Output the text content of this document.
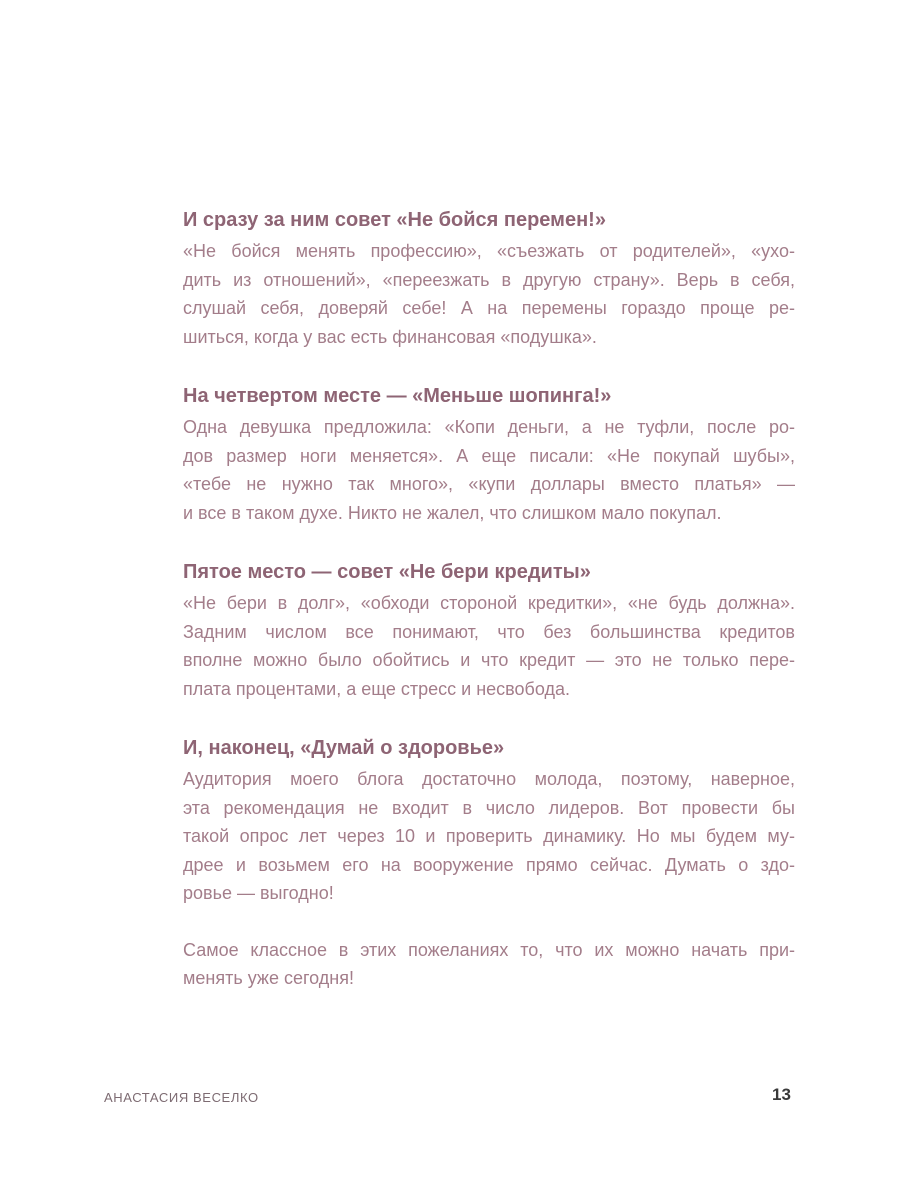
И сразу за ним совет «Не бойся перемен!»

«Не бойся менять профессию», «съезжать от родителей», «ухо-
дить из отношений», «переезжать в другую страну». Верь в себя,
слушай себя, доверяй себе! А на перемены гораздо проще ре-
шиться, когда у вас есть финансовая «подушка».

На четвертом месте — «Меньше шопинга!»

Одна девушка предложила: «Копи деньги, а не туфли, после ро-
дов размер ноги меняется». А еще писали: «Не покупай шубы»,
«тебе не нужно так много», «купи доллары вместо платья» —
и все в таком духе. Никто не жалел, что слишком мало покупал.

Пятое место — совет «Не бери кредиты»

«Не бери в долг», «обходи стороной кредитки», «не будь должна».
Задним числом все понимают, что без большинства кредитов
вполне можно было обойтись и что кредит — это не только пере-
плата процентами, а еще стресс и несвобода.

И, наконец, «Думай о здоровье»

Аудитория моего блога достаточно молода, поэтому, наверное,
эта рекомендация не входит в число лидеров. Вот провести бы
такой опрос лет через 10 и проверить динамику. Но мы будем му-
дрее и возьмем его на вооружение прямо сейчас. Думать о здо-
ровье — выгодно!

Самое классное в этих пожеланиях то, что их можно начать при-
менять уже сегодня!

АНАСТАСИЯ ВЕСЕЛКО	13
